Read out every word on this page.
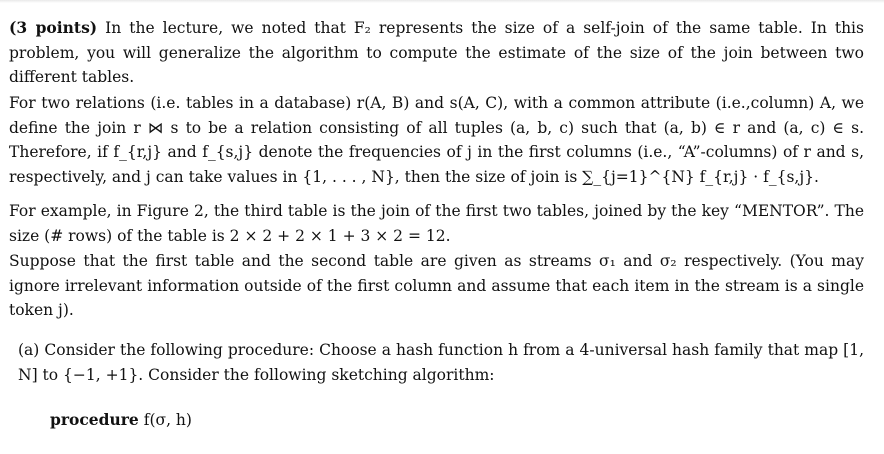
(3 points) In the lecture, we noted that F₂ represents the size of a self-join of the same table. In this problem, you will generalize the algorithm to compute the estimate of the size of the join between two different tables.
For two relations (i.e. tables in a database) r(A, B) and s(A, C), with a common attribute (i.e.,column) A, we define the join r ⋈ s to be a relation consisting of all tuples (a, b, c) such that (a, b) ∈ r and (a, c) ∈ s. Therefore, if f_{r,j} and f_{s,j} denote the frequencies of j in the first columns (i.e., “A”-columns) of r and s, respectively, and j can take values in {1, . . . , N}, then the size of join is ∑_{j=1}^{N} f_{r,j} · f_{s,j}.
For example, in Figure 2, the third table is the join of the first two tables, joined by the key “MENTOR”. The size (# rows) of the table is 2 × 2 + 2 × 1 + 3 × 2 = 12.
Suppose that the first table and the second table are given as streams σ₁ and σ₂ respectively. (You may ignore irrelevant information outside of the first column and assume that each item in the stream is a single token j).
(a) Consider the following procedure: Choose a hash function h from a 4-universal hash family that map [1, N] to {−1, +1}. Consider the following sketching algorithm:
procedure f(σ, h)
